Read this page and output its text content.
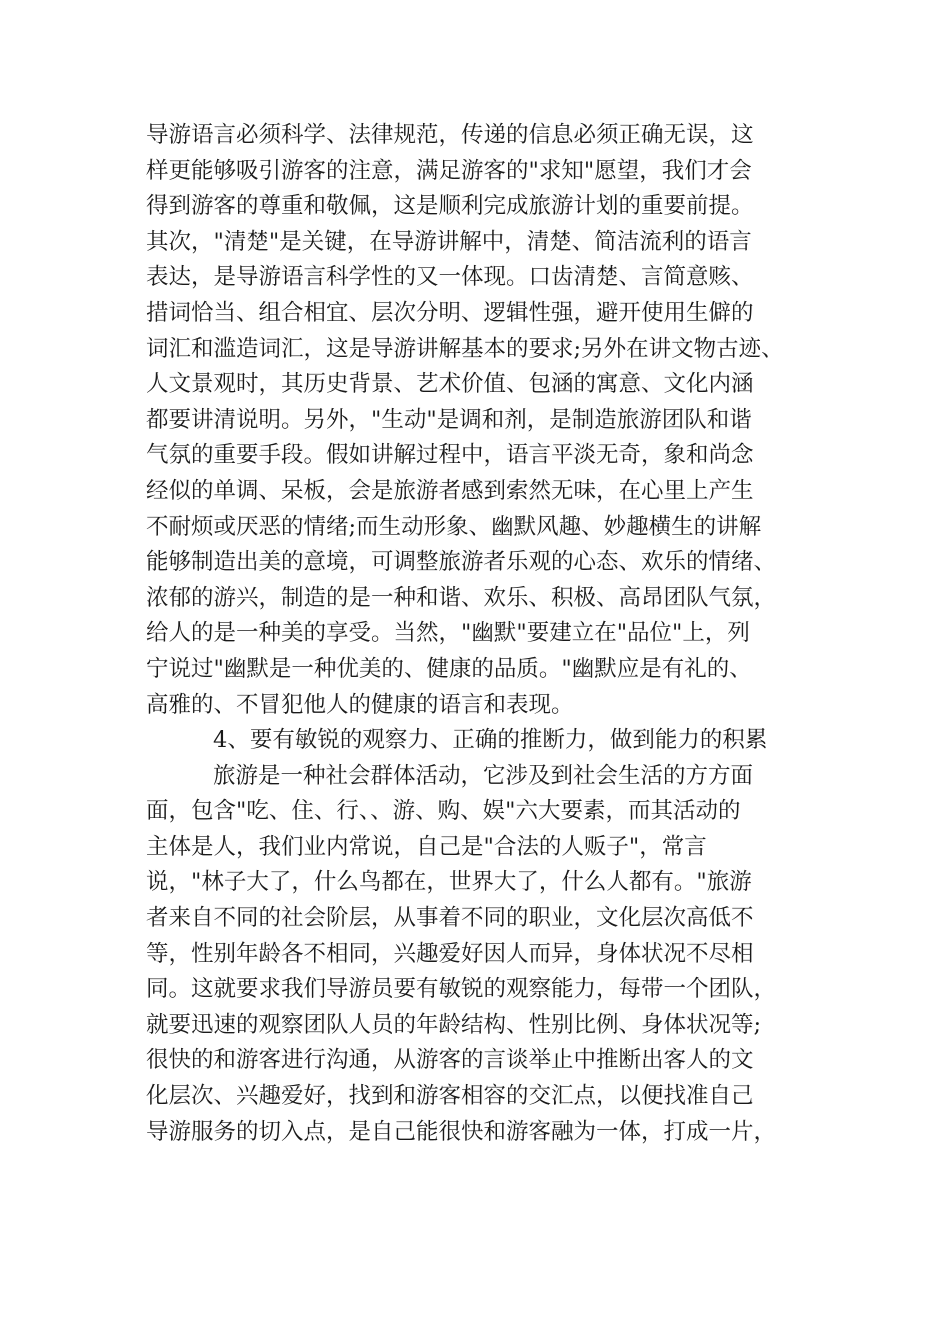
导游语言必须科学、法律规范，传递的信息必须正确无误，这
样更能够吸引游客的注意，满足游客的"求知"愿望，我们才会
得到游客的尊重和敬佩，这是顺利完成旅游计划的重要前提。
其次，"清楚"是关键，在导游讲解中，清楚、简洁流利的语言
表达，是导游语言科学性的又一体现。口齿清楚、言简意赅、
措词恰当、组合相宜、层次分明、逻辑性强，避开使用生僻的
词汇和滥造词汇，这是导游讲解基本的要求;另外在讲文物古迹、
人文景观时，其历史背景、艺术价值、包涵的寓意、文化内涵
都要讲清说明。另外，"生动"是调和剂，是制造旅游团队和谐
气氛的重要手段。假如讲解过程中，语言平淡无奇，象和尚念
经似的单调、呆板，会是旅游者感到索然无味，在心里上产生
不耐烦或厌恶的情绪;而生动形象、幽默风趣、妙趣横生的讲解
能够制造出美的意境，可调整旅游者乐观的心态、欢乐的情绪、
浓郁的游兴，制造的是一种和谐、欢乐、积极、高昂团队气氛，
给人的是一种美的享受。当然，"幽默"要建立在"品位"上，列
宁说过"幽默是一种优美的、健康的品质。"幽默应是有礼的、
高雅的、不冒犯他人的健康的语言和表现。
4、要有敏锐的观察力、正确的推断力，做到能力的积累
旅游是一种社会群体活动，它涉及到社会生活的方方面
面，包含"吃、住、行、、游、购、娱"六大要素，而其活动的
主体是人，我们业内常说，自己是"合法的人贩子"，常言
说，"林子大了，什么鸟都在，世界大了，什么人都有。"旅游
者来自不同的社会阶层，从事着不同的职业，文化层次高低不
等，性别年龄各不相同，兴趣爱好因人而异，身体状况不尽相
同。这就要求我们导游员要有敏锐的观察能力，每带一个团队，
就要迅速的观察团队人员的年龄结构、性别比例、身体状况等;
很快的和游客进行沟通，从游客的言谈举止中推断出客人的文
化层次、兴趣爱好，找到和游客相容的交汇点，以便找准自己
导游服务的切入点，是自己能很快和游客融为一体，打成一片，
